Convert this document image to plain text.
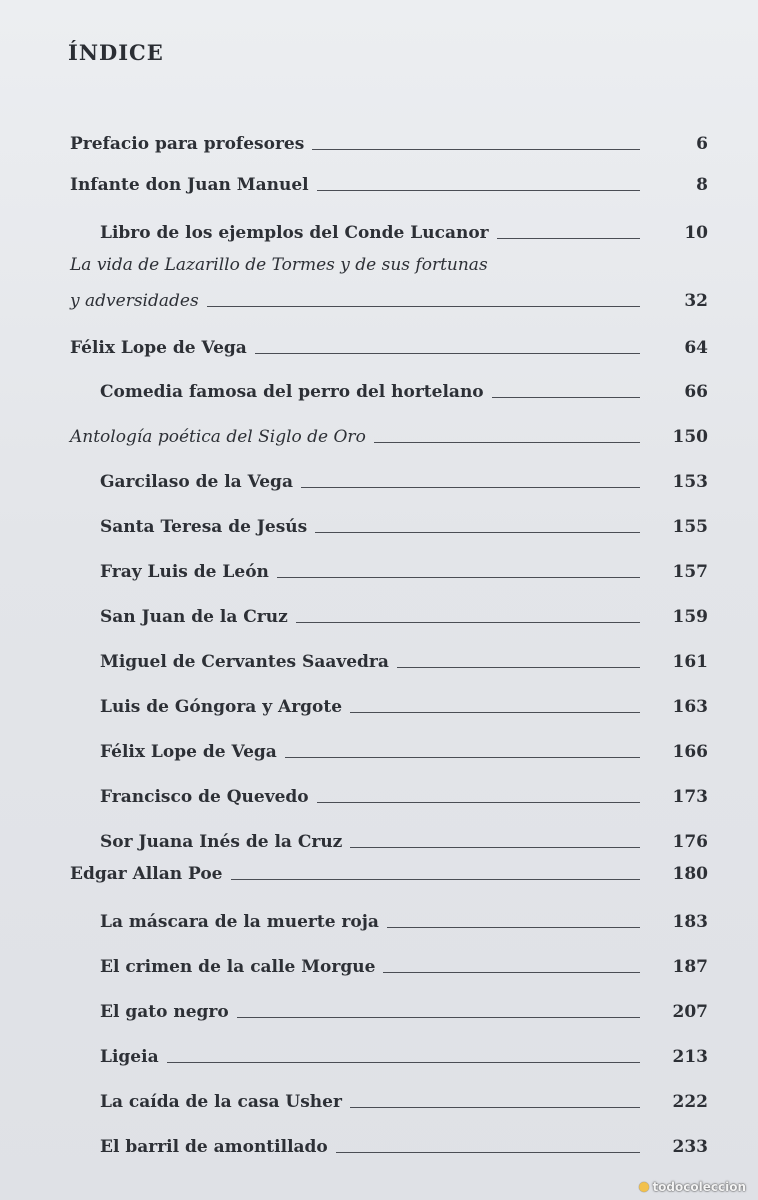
ÍNDICE
Prefacio para profesores	6
Infante don Juan Manuel	8
Libro de los ejemplos del Conde Lucanor	10
La vida de Lazarillo de Tormes y de sus fortunas
y adversidades	32
Félix Lope de Vega	64
Comedia famosa del perro del hortelano	66
Antología poética del Siglo de Oro	150
Garcilaso de la Vega	153
Santa Teresa de Jesús	155
Fray Luis de León	157
San Juan de la Cruz	159
Miguel de Cervantes Saavedra	161
Luis de Góngora y Argote	163
Félix Lope de Vega	166
Francisco de Quevedo	173
Sor Juana Inés de la Cruz	176
Edgar Allan Poe	180
La máscara de la muerte roja	183
El crimen de la calle Morgue	187
El gato negro	207
Ligeia	213
La caída de la casa Usher	222
El barril de amontillado	233
todocoleccion
